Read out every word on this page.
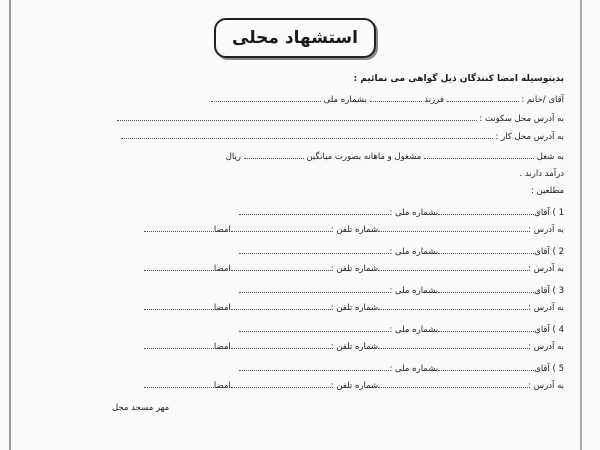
استشهاد محلی
بدینوسیله امضا کنندگان ذیل گواهی می نمائیم :
آقای /خانم :  فرزند  بشماره ملی
به آدرس محل سکونت :
به آدرس محل کار :
به شغل  مشغول و ماهانه بصورت میانگین  ریال
درآمد دارند .
مطلعین :
1 ) آقایبشماره ملی :
به آدرس :شماره تلفن :امضا
2 ) آقایبشماره ملی :
به آدرس :شماره تلفن :امضا
3 ) آقایبشماره ملی :
به آدرس :شماره تلفن :امضا
4 ) آقایبشماره ملی :
به آدرس :شماره تلفن :امضا
5 ) آقایبشماره ملی :
به آدرس :شماره تلفن :امضا
مهر مسجد محل
